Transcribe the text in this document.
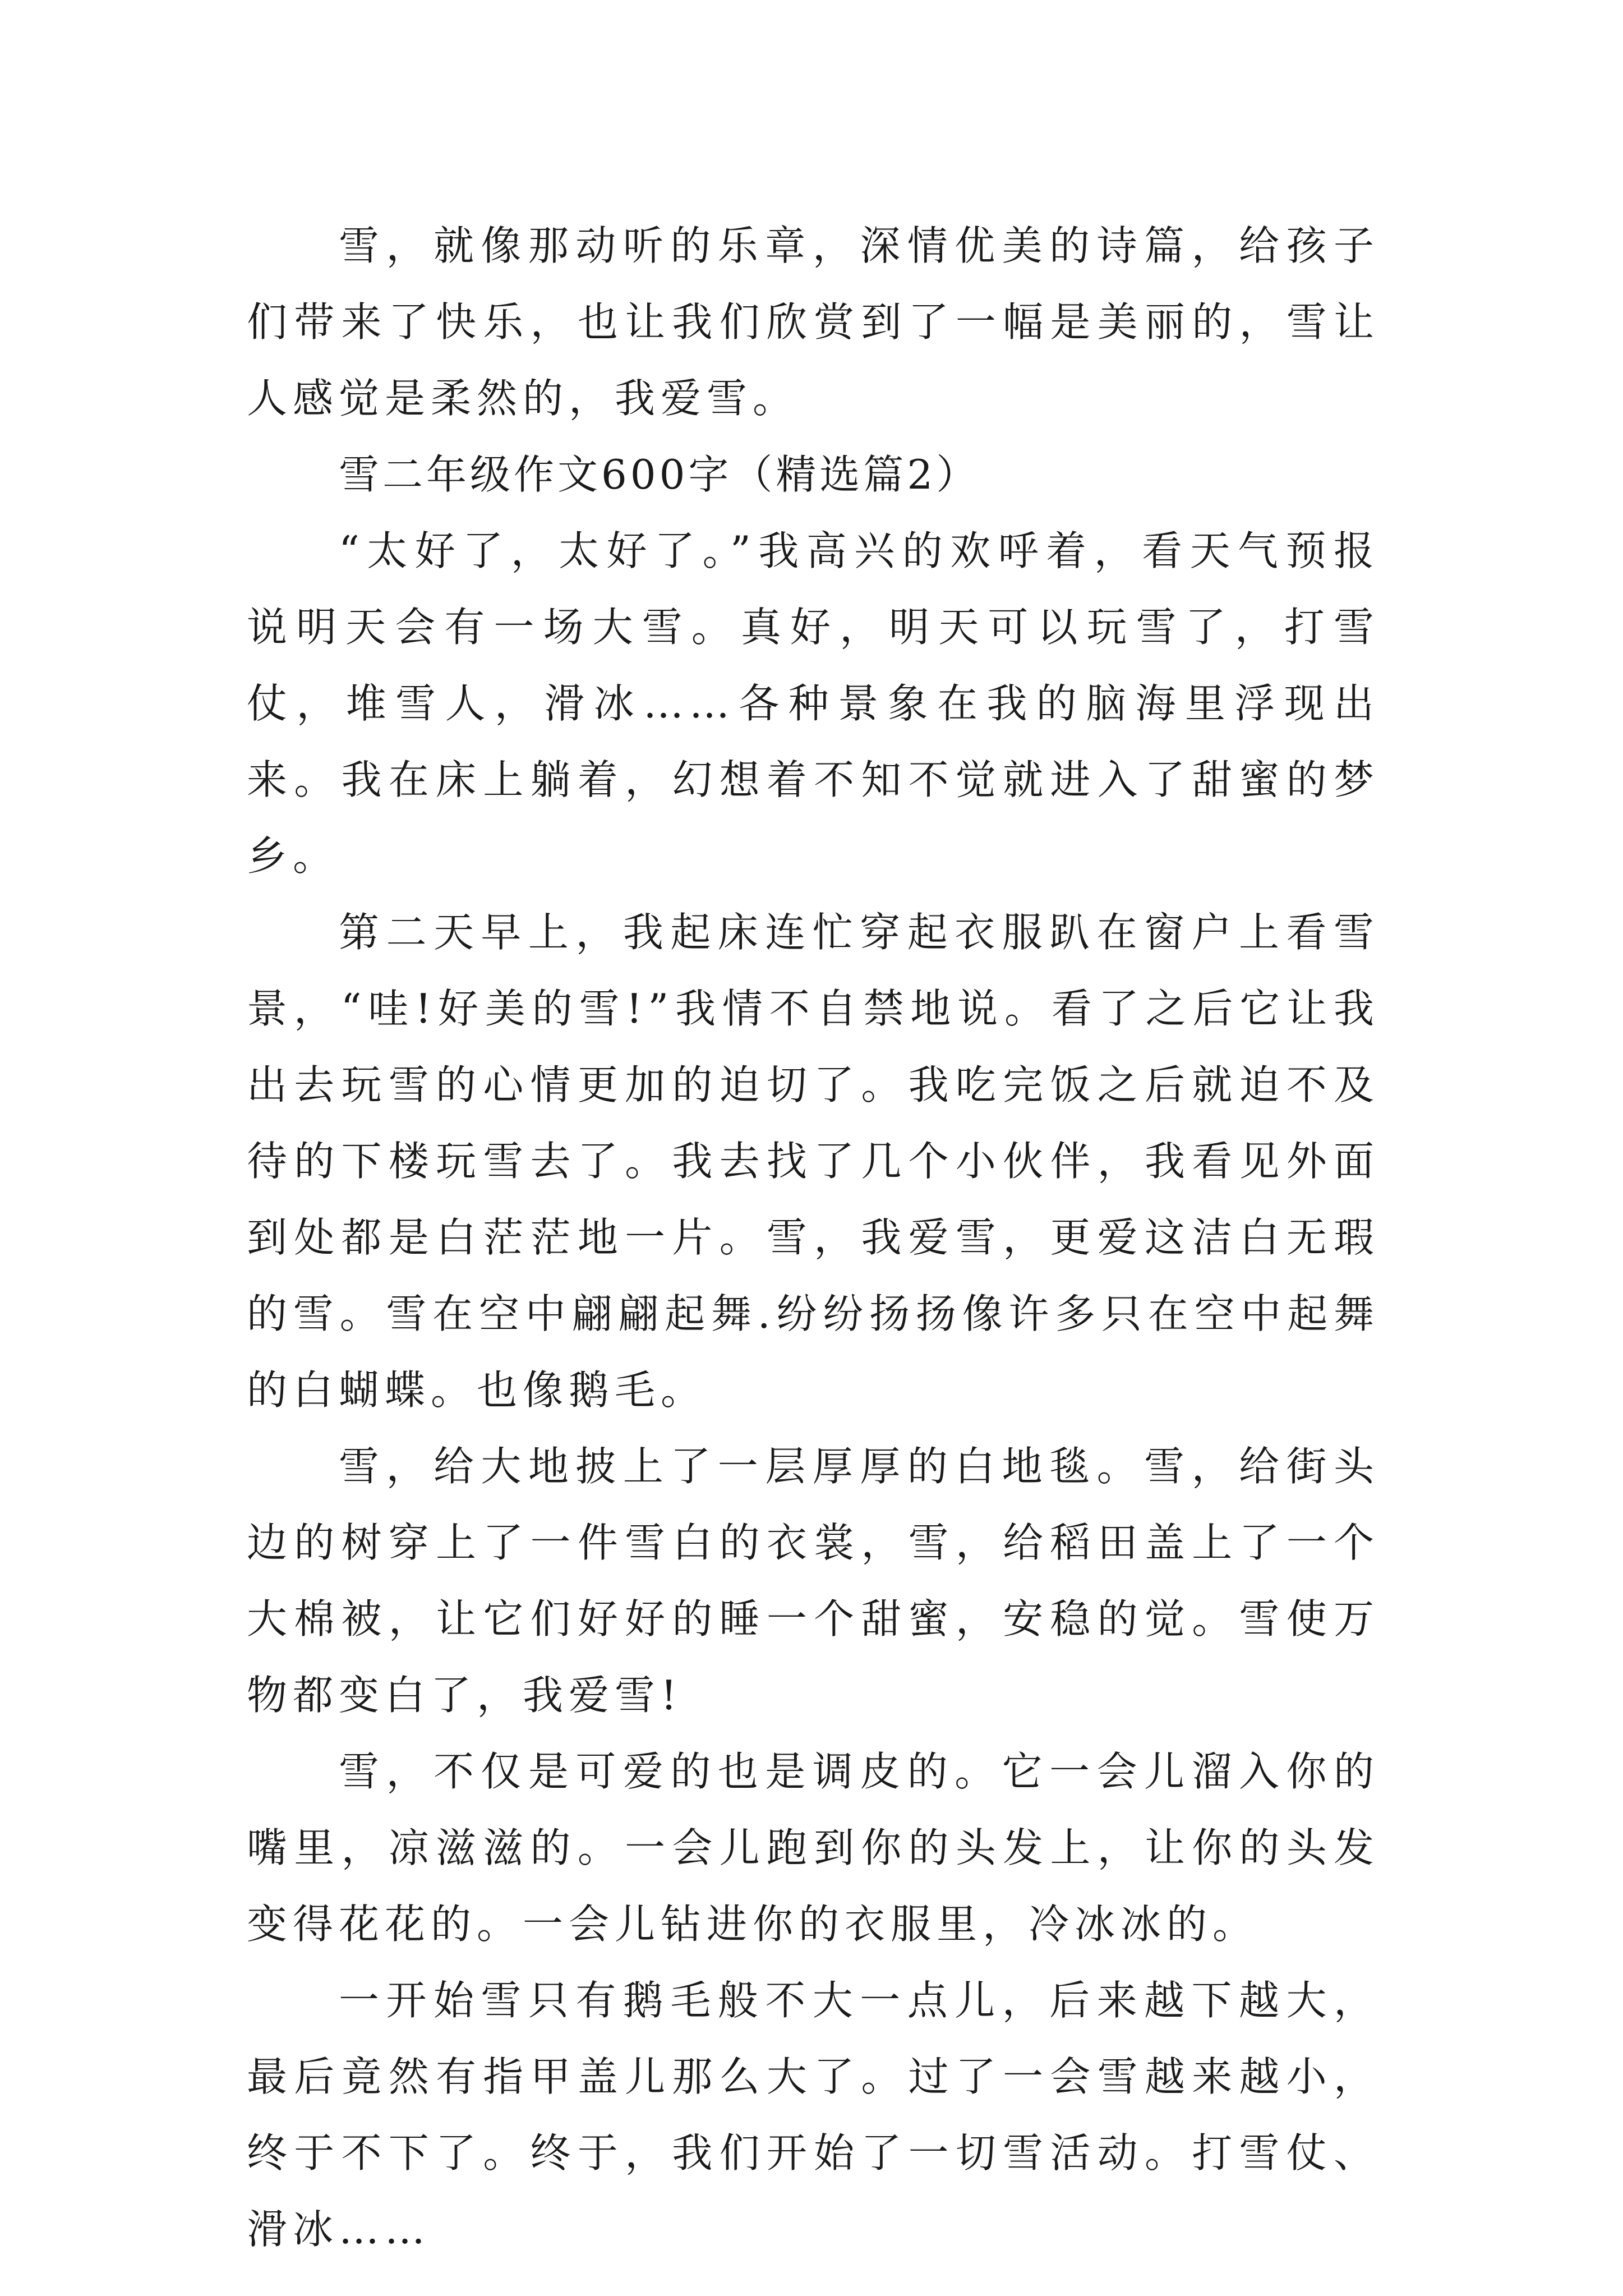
雪，就像那动听的乐章，深情优美的诗篇，给孩子们带来了快乐，也让我们欣赏到了一幅是美丽的，雪让人感觉是柔然的，我爱雪。

雪二年级作文600字（精选篇2）

“太好了，太好了。”我高兴的欢呼着，看天气预报说明天会有一场大雪。真好，明天可以玩雪了，打雪仗，堆雪人，滑冰……各种景象在我的脑海里浮现出来。我在床上躺着，幻想着不知不觉就进入了甜蜜的梦乡。

第二天早上，我起床连忙穿起衣服趴在窗户上看雪景，“哇!好美的雪!”我情不自禁地说。看了之后它让我出去玩雪的心情更加的迫切了。我吃完饭之后就迫不及待的下楼玩雪去了。我去找了几个小伙伴，我看见外面到处都是白茫茫地一片。雪，我爱雪，更爱这洁白无瑕的雪。雪在空中翩翩起舞.纷纷扬扬像许多只在空中起舞的白蝴蝶。也像鹅毛。

雪，给大地披上了一层厚厚的白地毯。雪，给街头边的树穿上了一件雪白的衣裳，雪，给稻田盖上了一个大棉被，让它们好好的睡一个甜蜜，安稳的觉。雪使万物都变白了，我爱雪!

雪，不仅是可爱的也是调皮的。它一会儿溜入你的嘴里，凉滋滋的。一会儿跑到你的头发上，让你的头发变得花花的。一会儿钻进你的衣服里，冷冰冰的。

一开始雪只有鹅毛般不大一点儿，后来越下越大，最后竟然有指甲盖儿那么大了。过了一会雪越来越小，终于不下了。终于，我们开始了一切雪活动。打雪仗、滑冰……
